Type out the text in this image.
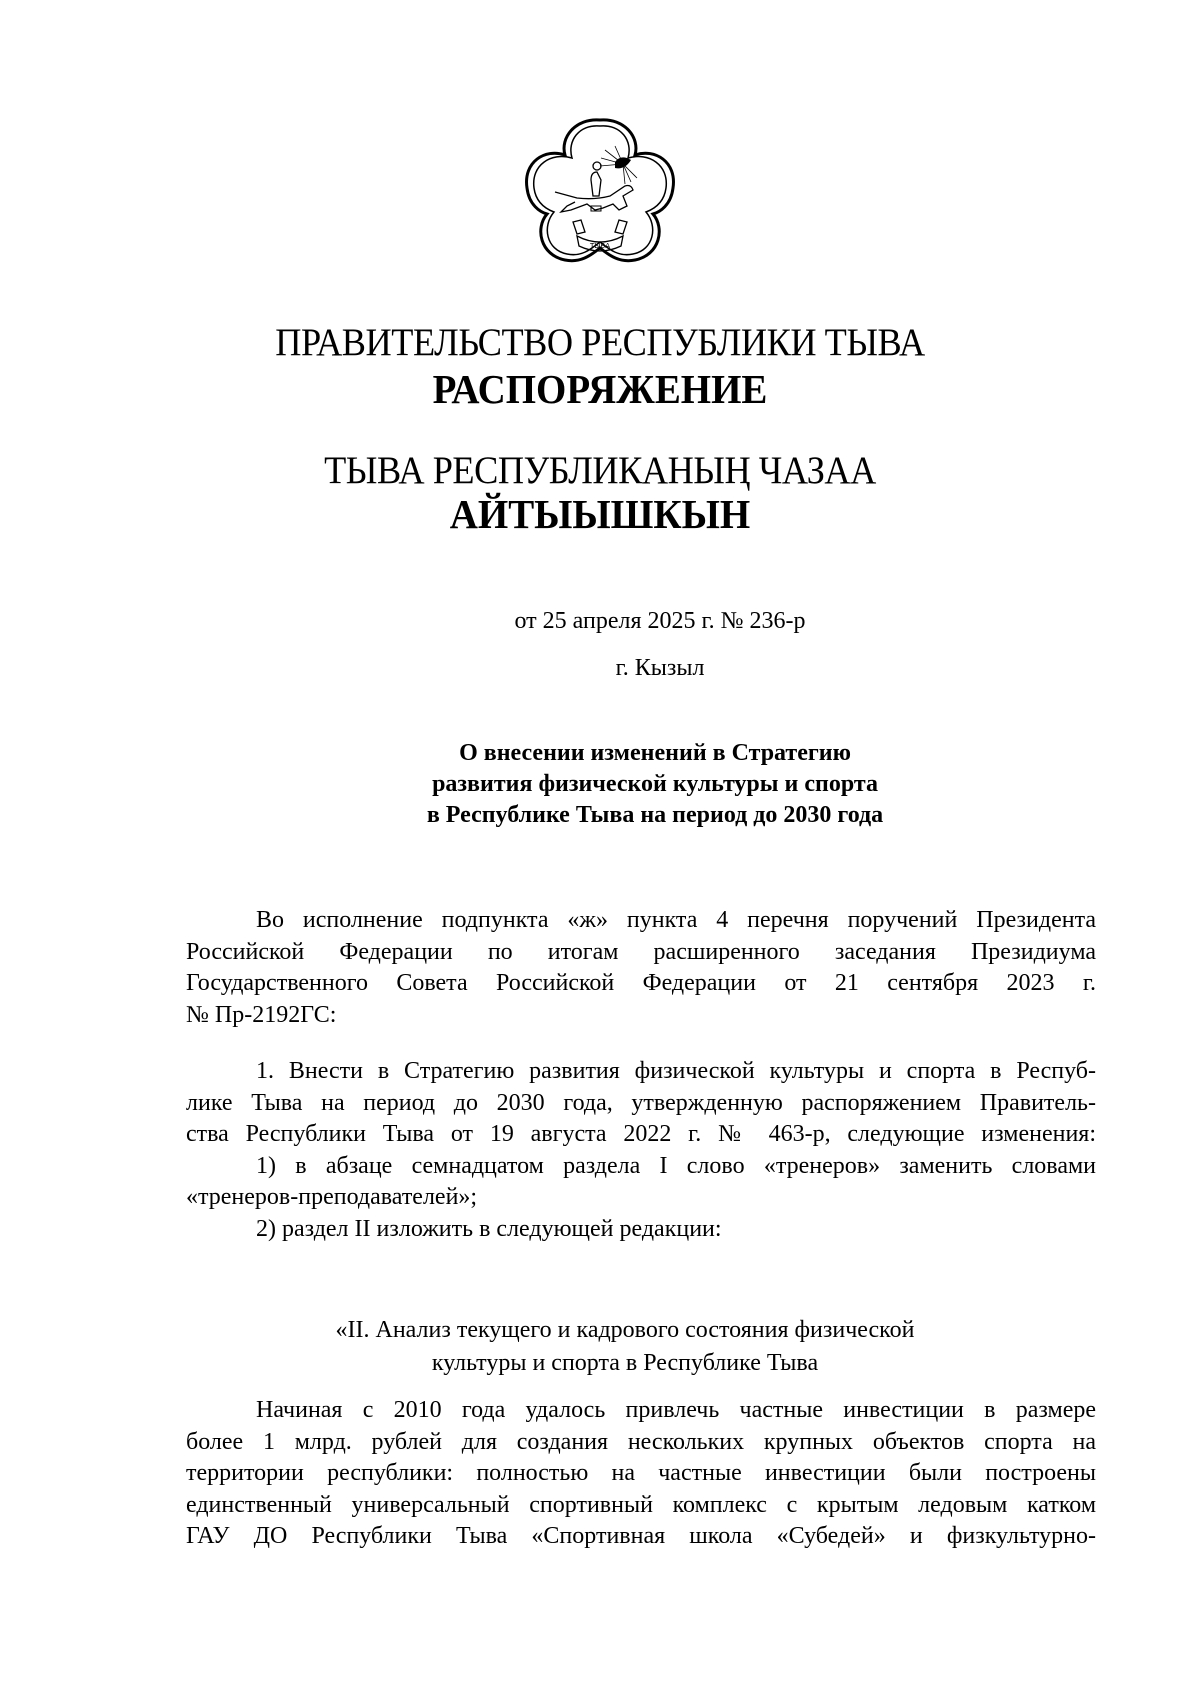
ТЫВА
ПРАВИТЕЛЬСТВО РЕСПУБЛИКИ ТЫВА
РАСПОРЯЖЕНИЕ
ТЫВА РЕСПУБЛИКАНЫҢ ЧАЗАА
АЙТЫЫШКЫН
от 25 апреля 2025 г. № 236-р
г. Кызыл
О внесении изменений в Стратегию
развития физической культуры и спорта
в Республике Тыва на период до 2030 года

Во исполнение подпункта «ж» пункта 4 перечня поручений Президента

Российской Федерации по итогам расширенного заседания Президиума

Государственного Совета Российской Федерации от 21 сентября 2023 г.

№ Пр-2192ГС:

1. Внести в Стратегию развития физической культуры и спорта в Респуб-

лике Тыва на период до 2030 года, утвержденную распоряжением Правитель-

ства Республики Тыва от 19 августа 2022 г. № 463-р, следующие изменения:

1) в абзаце семнадцатом раздела I слово «тренеров» заменить словами

«тренеров-преподавателей»;

2) раздел II изложить в следующей редакции:

«II. Анализ текущего и кадрового состояния физической
культуры и спорта в Республике Тыва

Начиная с 2010 года удалось привлечь частные инвестиции в размере

более 1 млрд. рублей для создания нескольких крупных объектов спорта на

территории республики: полностью на частные инвестиции были построены

единственный универсальный спортивный комплекс с крытым ледовым катком

ГАУ ДО Республики Тыва «Спортивная школа «Субедей» и физкультурно-
